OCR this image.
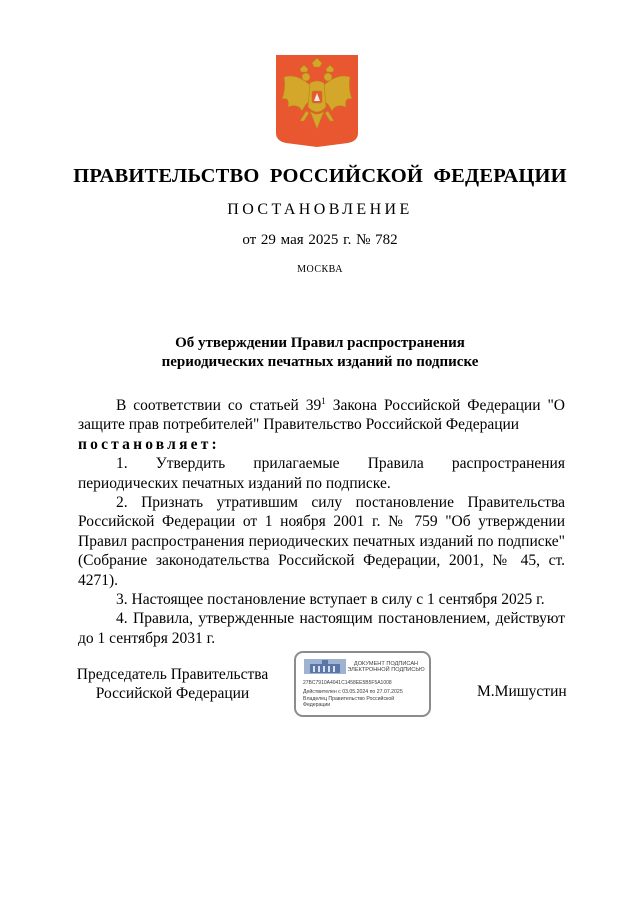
ПРАВИТЕЛЬСТВО РОССИЙСКОЙ ФЕДЕРАЦИИ
ПОСТАНОВЛЕНИЕ
от 29 мая 2025 г. № 782
МОСКВА
Об утверждении Правил распространения
периодических печатных изданий по подписке

В соответствии со статьей $39^1$ Закона Российской Федерации "О защите прав потребителей" Правительство Российской Федерации

постановляет:

1. Утвердить прилагаемые Правила распространения периодических печатных изданий по подписке.

2. Признать утратившим силу постановление Правительства Российской Федерации от 1 ноября 2001 г. № 759 "Об утверждении Правил распространения периодических печатных изданий по подписке" (Собрание законодательства Российской Федерации, 2001, № 45, ст. 4271).

3. Настоящее постановление вступает в силу с 1 сентября 2025 г.

4. Правила, утвержденные настоящим постановлением, действуют до 1 сентября 2031 г.

Председатель Правительства
Российской Федерации
ДОКУМЕНТ ПОДПИСАН
ЭЛЕКТРОННОЙ ПОДПИСЬЮ
27BC7910A4041C1458EE5B5F5A1008
Действителен с 03.05.2024 по 27.07.2025
Владелец Правительство Российской
Федерации
М.Мишустин
